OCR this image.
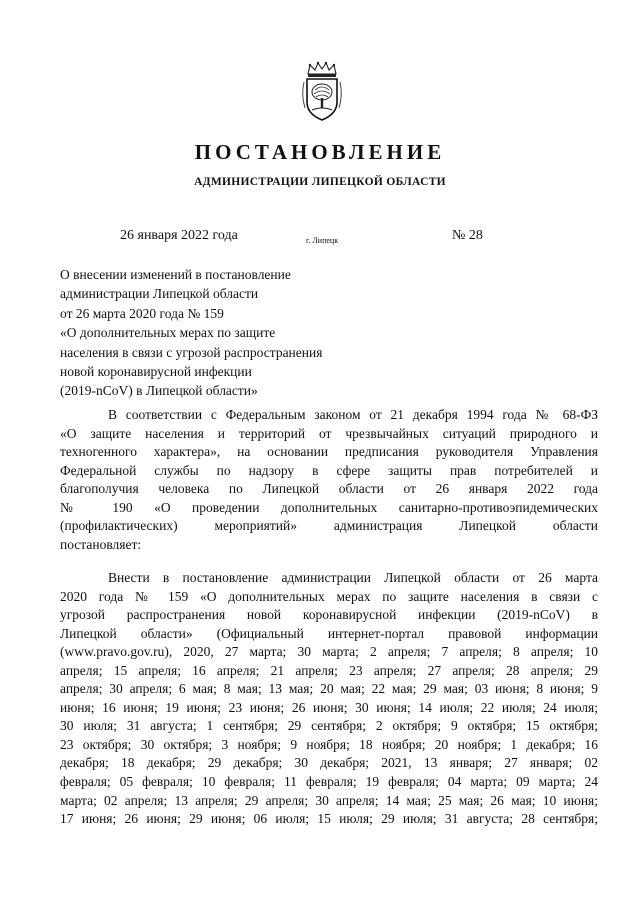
ПОСТАНОВЛЕНИЕ
АДМИНИСТРАЦИИ ЛИПЕЦКОЙ ОБЛАСТИ
26 января 2022 года	г. Липецк	№ 28
О внесении изменений в постановление
администрации Липецкой области
от 26 марта 2020 года № 159
«О дополнительных мерах по защите
населения в связи с угрозой распространения
новой коронавирусной инфекции
(2019-nCoV) в Липецкой области»
В соответствии с Федеральным законом от 21 декабря 1994 года № 68-ФЗ
«О защите населения и территорий от чрезвычайных ситуаций природного и
техногенного характера», на основании предписания руководителя Управления
Федеральной службы по надзору в сфере защиты прав потребителей и
благополучия человека по Липецкой области от 26 января 2022 года
№ 190 «О проведении дополнительных санитарно-противоэпидемических
(профилактических) мероприятий» администрация Липецкой области
постановляет:
Внести в постановление администрации Липецкой области от 26 марта
2020 года № 159 «О дополнительных мерах по защите населения в связи с
угрозой распространения новой коронавирусной инфекции (2019-nCoV) в
Липецкой области» (Официальный интернет-портал правовой информации
(www.pravo.gov.ru), 2020, 27 марта; 30 марта; 2 апреля; 7 апреля; 8 апреля; 10
апреля; 15 апреля; 16 апреля; 21 апреля; 23 апреля; 27 апреля; 28 апреля; 29
апреля; 30 апреля; 6 мая; 8 мая; 13 мая; 20 мая; 22 мая; 29 мая; 03 июня; 8 июня; 9
июня; 16 июня; 19 июня; 23 июня; 26 июня; 30 июня; 14 июля; 22 июля; 24 июля;
30 июля; 31 августа; 1 сентября; 29 сентября; 2 октября; 9 октября; 15 октября;
23 октября; 30 октября; 3 ноября; 9 ноября; 18 ноября; 20 ноября; 1 декабря; 16
декабря; 18 декабря; 29 декабря; 30 декабря; 2021, 13 января; 27 января; 02
февраля; 05 февраля; 10 февраля; 11 февраля; 19 февраля; 04 марта; 09 марта; 24
марта; 02 апреля; 13 апреля; 29 апреля; 30 апреля; 14 мая; 25 мая; 26 мая; 10 июня;
17 июня; 26 июня; 29 июня; 06 июля; 15 июля; 29 июля; 31 августа; 28 сентября;
